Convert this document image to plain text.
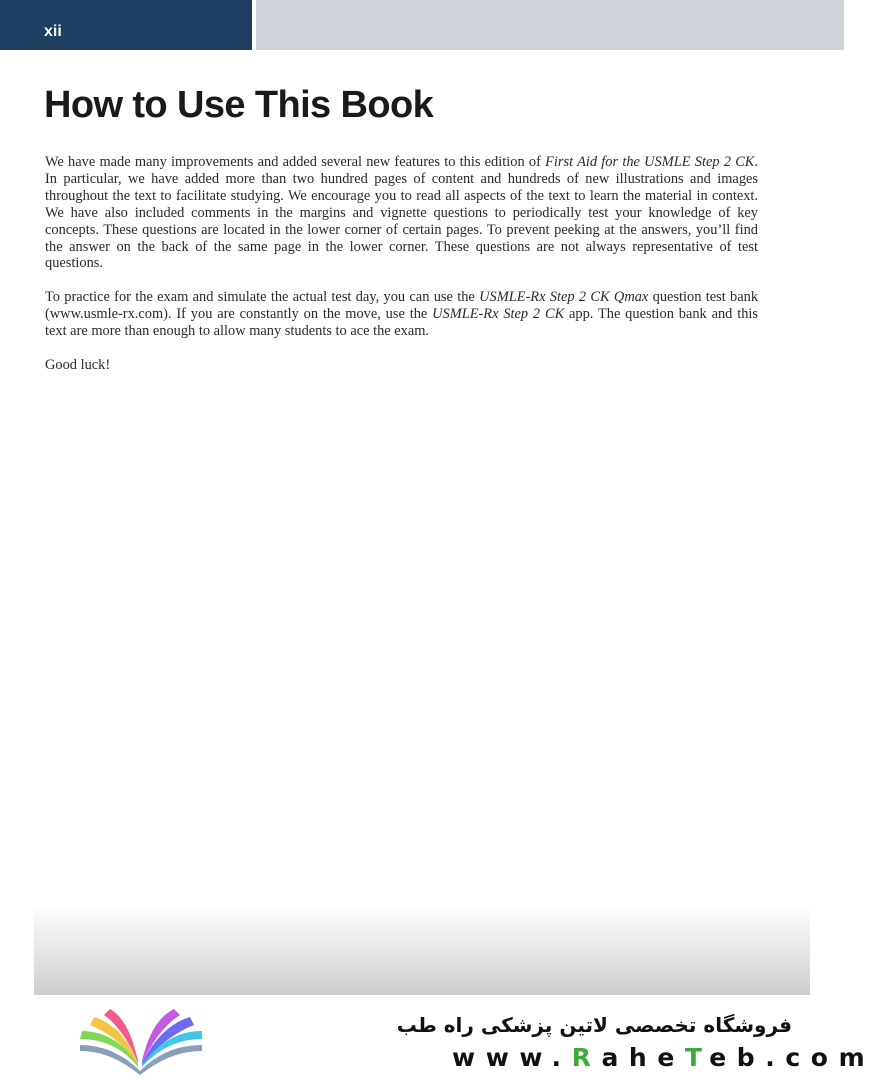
xii
How to Use This Book

We have made many improvements and added several new features to this edition of First Aid for the USMLE Step 2 CK. In particular, we have added more than two hundred pages of content and hundreds of new illustrations and images throughout the text to facilitate studying. We encourage you to read all aspects of the text to learn the material in context. We have also included comments in the margins and vignette questions to periodically test your knowledge of key concepts. These questions are located in the lower corner of certain pages. To prevent peeking at the answers, you’ll find the answer on the back of the same page in the lower corner. These questions are not always representative of test questions.

To practice for the exam and simulate the actual test day, you can use the USMLE-Rx Step 2 CK Qmax question test bank (www.usmle-rx.com). If you are constantly on the move, use the USMLE-Rx Step 2 CK app. The question bank and this text are more than enough to allow many students to ace the exam.

Good luck!

فروشگاه تخصصی لاتین پزشکی راه طب
www.RaheTeb.com
